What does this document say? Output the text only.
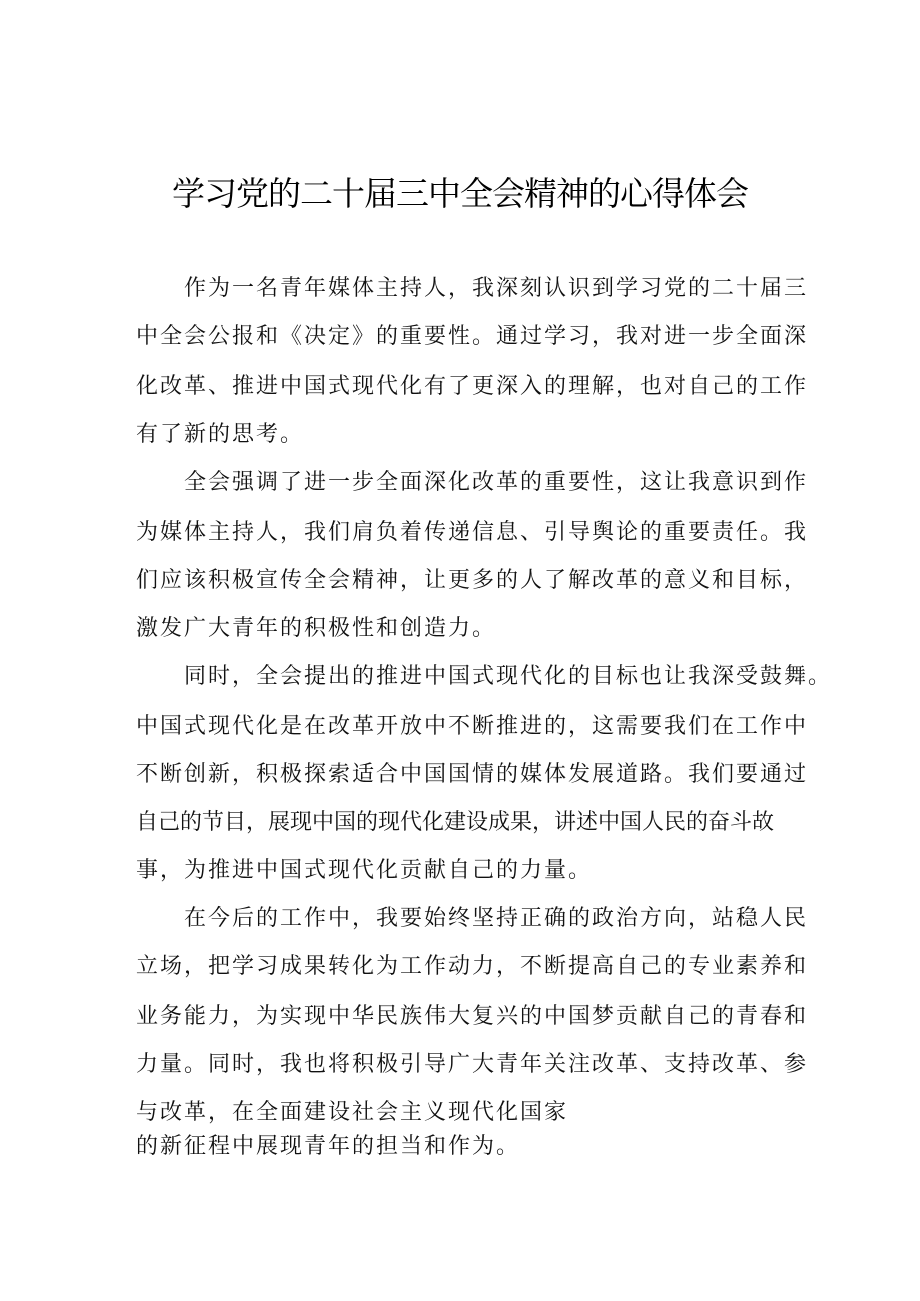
学习党的二十届三中全会精神的心得体会
作为一名青年媒体主持人，我深刻认识到学习党的二十届三
中全会公报和《决定》的重要性。通过学习，我对进一步全面深
化改革、推进中国式现代化有了更深入的理解，也对自己的工作
有了新的思考。
全会强调了进一步全面深化改革的重要性，这让我意识到作
为媒体主持人，我们肩负着传递信息、引导舆论的重要责任。我
们应该积极宣传全会精神，让更多的人了解改革的意义和目标，
激发广大青年的积极性和创造力。
同时，全会提出的推进中国式现代化的目标也让我深受鼓舞。
中国式现代化是在改革开放中不断推进的，这需要我们在工作中
不断创新，积极探索适合中国国情的媒体发展道路。我们要通过
自己的节目，展现中国的现代化建设成果，讲述中国人民的奋斗故
事，为推进中国式现代化贡献自己的力量。
在今后的工作中，我要始终坚持正确的政治方向，站稳人民
立场，把学习成果转化为工作动力，不断提高自己的专业素养和
业务能力，为实现中华民族伟大复兴的中国梦贡献自己的青春和
力量。同时，我也将积极引导广大青年关注改革、支持改革、参
与改革，在全面建设社会主义现代化国家
的新征程中展现青年的担当和作为。
